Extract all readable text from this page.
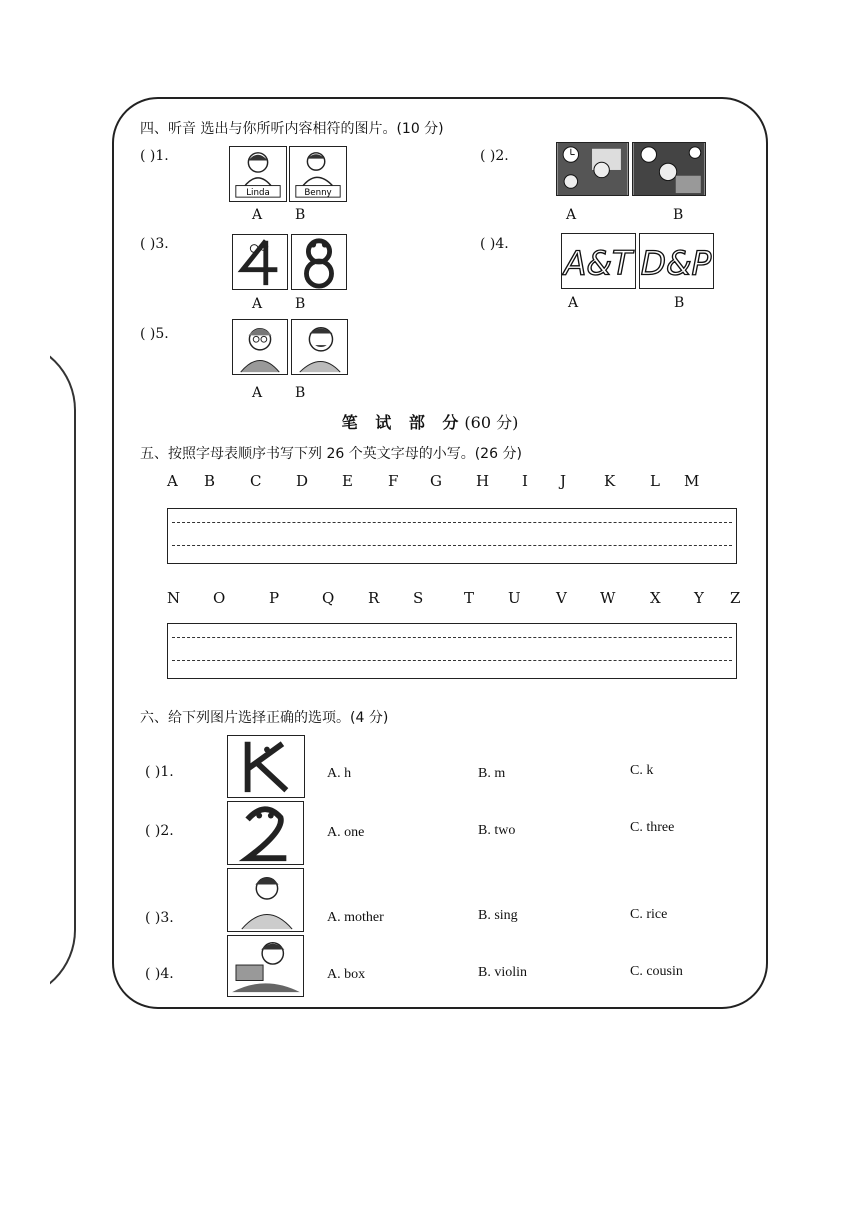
四、听音 选出与你所听内容相符的图片。(10 分)
( )1.
Linda	Benny
A B
( )2.
A	B
( )3.
A B
( )4.
A&T D&P
A	B
( )5.
A B
笔 试 部 分(60 分)
五、按照字母表顺序书写下列 26 个英文字母的小写。(26 分)
A B C D E F G H I J	K L M
N O	P	Q R S	T U V W X Y Z
六、给下列图片选择正确的选项。(4 分)
( )1.	A. h	B. m	C. k
( )2.	A. one	B. two	C. three
( )3.	A. mother	B. sing	C. rice
( )4.	A. box	B. violin	C. cousin
